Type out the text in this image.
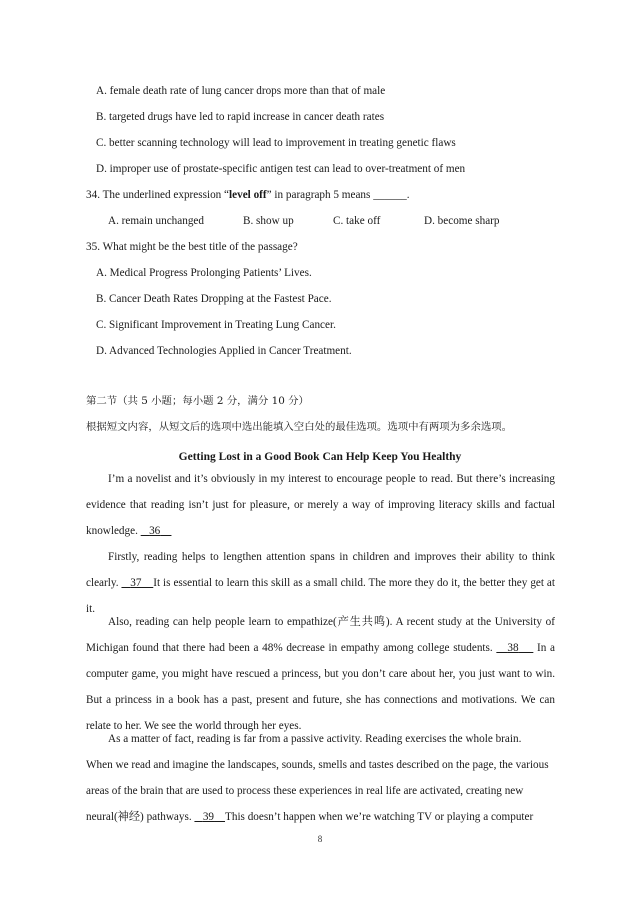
A. female death rate of lung cancer drops more than that of male
B. targeted drugs have led to rapid increase in cancer death rates
C. better scanning technology will lead to improvement in treating genetic flaws
D. improper use of prostate-specific antigen test can lead to over-treatment of men
34. The underlined expression “level off” in paragraph 5 means ______.
A. remain unchanged	B. show up	C. take off	D. become sharp
35. What might be the best title of the passage?
A. Medical Progress Prolonging Patients’ Lives.
B. Cancer Death Rates Dropping at the Fastest Pace.
C. Significant Improvement in Treating Lung Cancer.
D. Advanced Technologies Applied in Cancer Treatment.
第二节（共 5 小题；每小题 2 分，满分 10 分）
根据短文内容，从短文后的选项中选出能填入空白处的最佳选项。选项中有两项为多余选项。
Getting Lost in a Good Book Can Help Keep You Healthy
I’m a novelist and it’s obviously in my interest to encourage people to read. But there’s increasing evidence that reading isn’t just for pleasure, or merely a way of improving literacy skills and factual knowledge.    36
Firstly, reading helps to lengthen attention spans in children and improves their ability to think clearly.    37 It is essential to learn this skill as a small child. The more they do it, the better they get at it.
Also, reading can help people learn to empathize(产生共鸣). A recent study at the University of Michigan found that there had been a 48% decrease in empathy among college students.    38     In a computer game, you might have rescued a princess, but you don’t care about her, you just want to win. But a princess in a book has a past, present and future, she has connections and motivations. We can relate to her. We see the world through her eyes.
As a matter of fact, reading is far from a passive activity. Reading exercises the whole brain.
When we read and imagine the landscapes, sounds, smells and tastes described on the page, the various
areas of the brain that are used to process these experiences in real life are activated, creating new
neural(神经) pathways.    39 This doesn’t happen when we’re watching TV or playing a computer
8
